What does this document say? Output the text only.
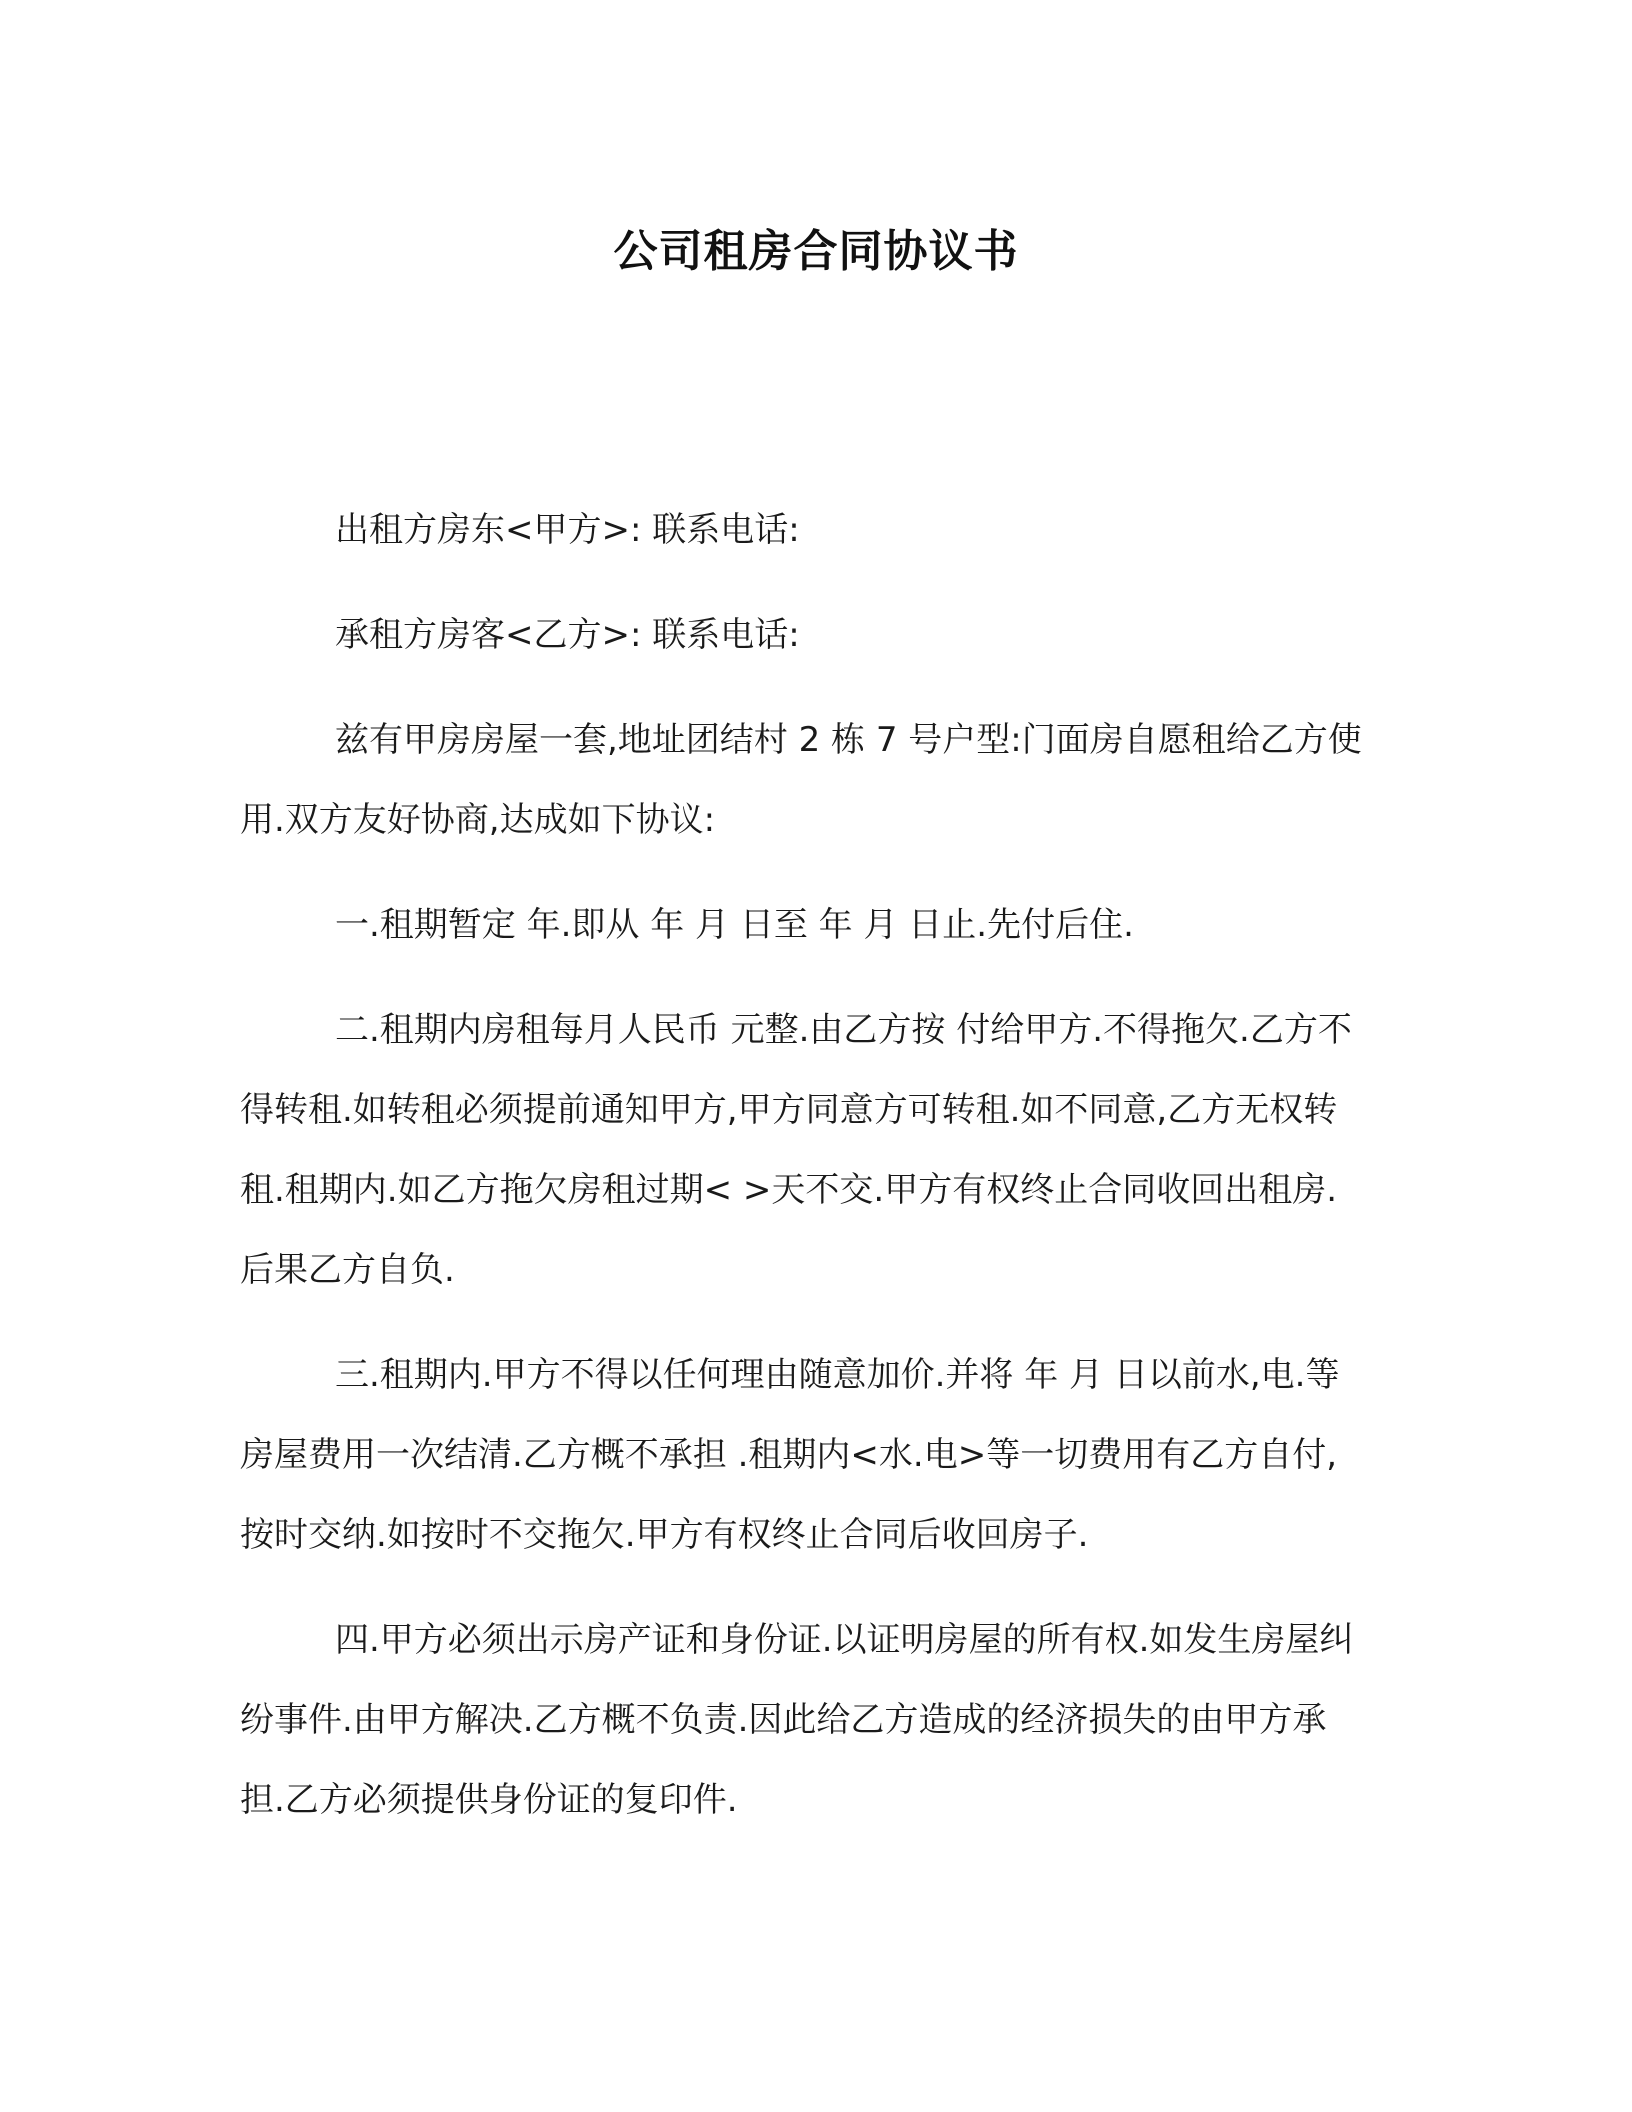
公司租房合同协议书

出租方房东<甲方>: 联系电话:

承租方房客<乙方>: 联系电话:

兹有甲房房屋一套,地址团结村 2 栋 7 号户型:门面房自愿租给乙方使用.双方友好协商,达成如下协议:

一.租期暂定 年.即从 年 月 日至 年 月 日止.先付后住.

二.租期内房租每月人民币 元整.由乙方按 付给甲方.不得拖欠.乙方不得转租.如转租必须提前通知甲方,甲方同意方可转租.如不同意,乙方无权转租.租期内.如乙方拖欠房租过期< >天不交.甲方有权终止合同收回出租房.后果乙方自负.

三.租期内.甲方不得以任何理由随意加价.并将 年 月 日以前水,电.等房屋费用一次结清.乙方概不承担 .租期内<水.电>等一切费用有乙方自付,按时交纳.如按时不交拖欠.甲方有权终止合同后收回房子.

四.甲方必须出示房产证和身份证.以证明房屋的所有权.如发生房屋纠纷事件.由甲方解决.乙方概不负责.因此给乙方造成的经济损失的由甲方承担.乙方必须提供身份证的复印件.
